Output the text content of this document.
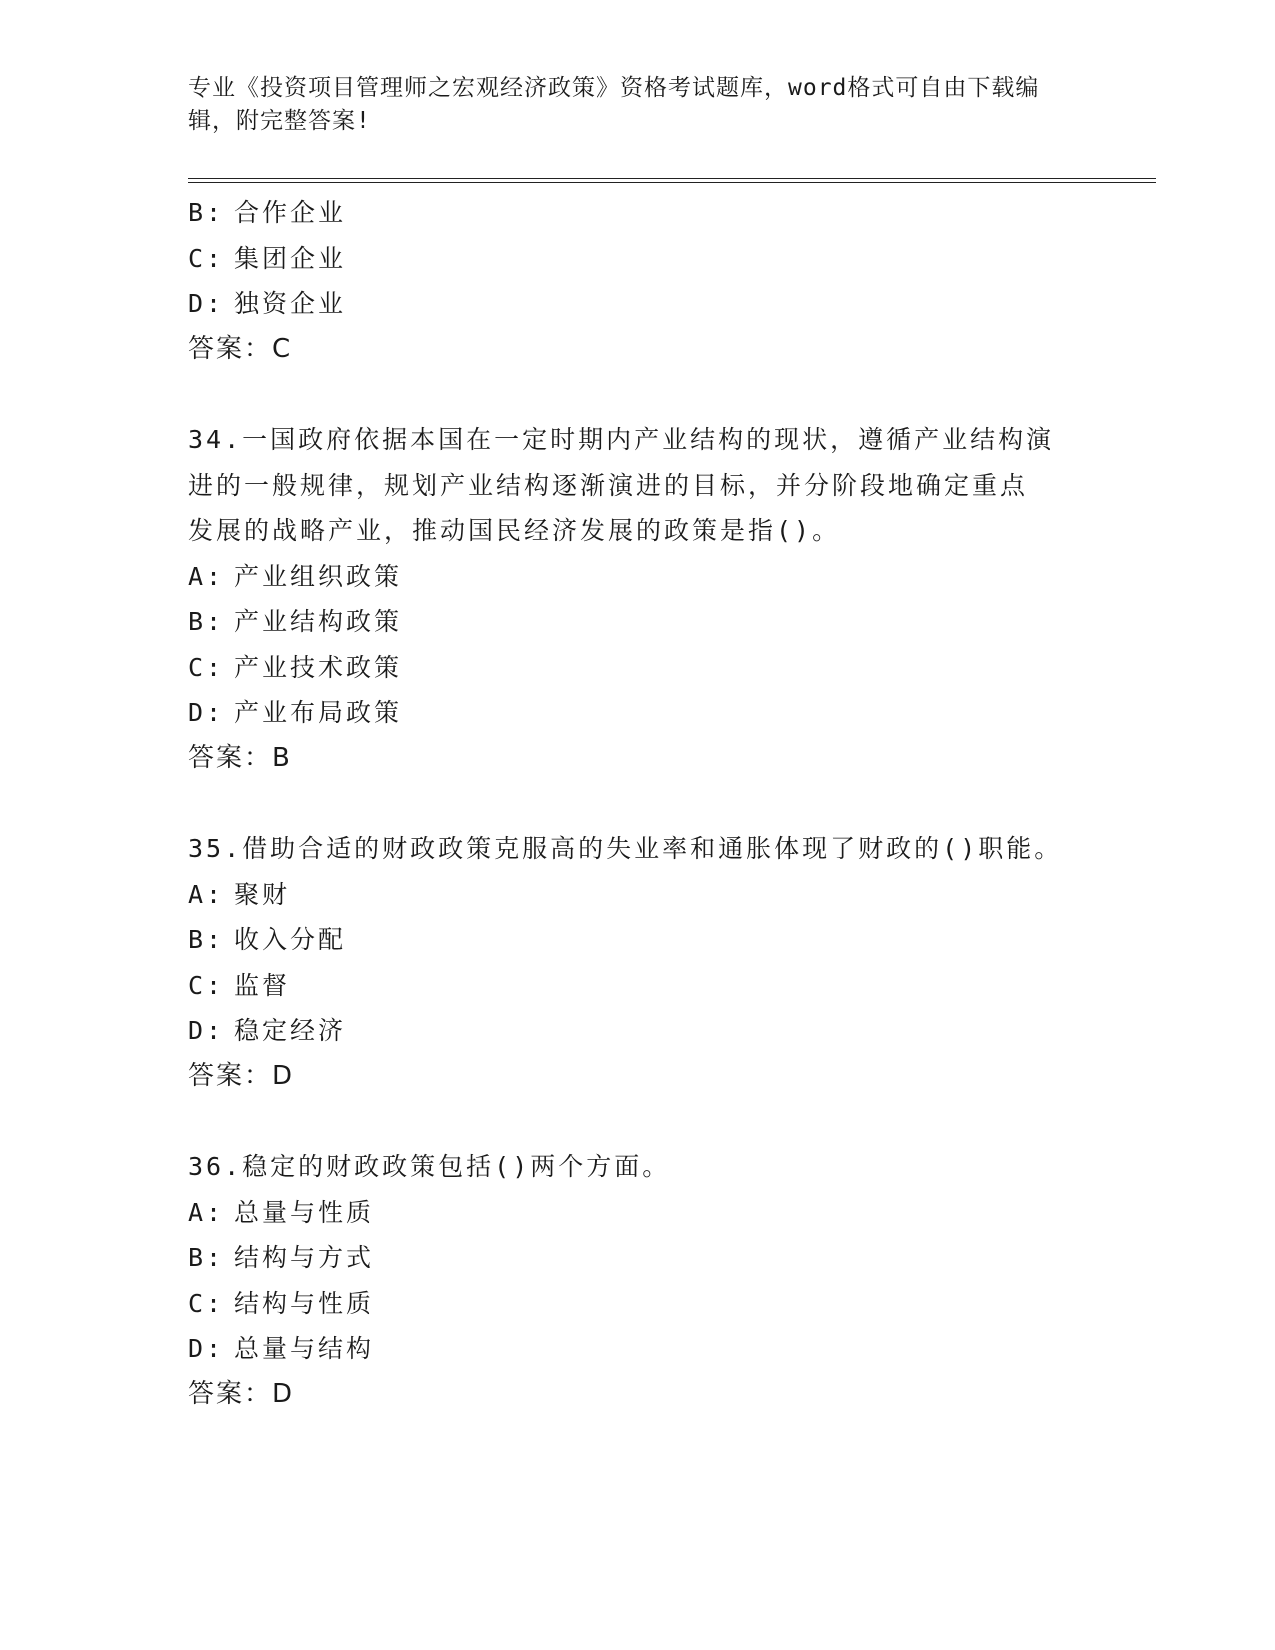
专业《投资项目管理师之宏观经济政策》资格考试题库，word格式可自由下载编
辑，附完整答案!
B: 合作企业
C: 集团企业
D: 独资企业
答案：C
34.一国政府依据本国在一定时期内产业结构的现状，遵循产业结构演
进的一般规律，规划产业结构逐渐演进的目标，并分阶段地确定重点
发展的战略产业，推动国民经济发展的政策是指()。
A: 产业组织政策
B: 产业结构政策
C: 产业技术政策
D: 产业布局政策
答案：B
35.借助合适的财政政策克服高的失业率和通胀体现了财政的()职能。
A: 聚财
B: 收入分配
C: 监督
D: 稳定经济
答案：D
36.稳定的财政政策包括()两个方面。
A: 总量与性质
B: 结构与方式
C: 结构与性质
D: 总量与结构
答案：D
